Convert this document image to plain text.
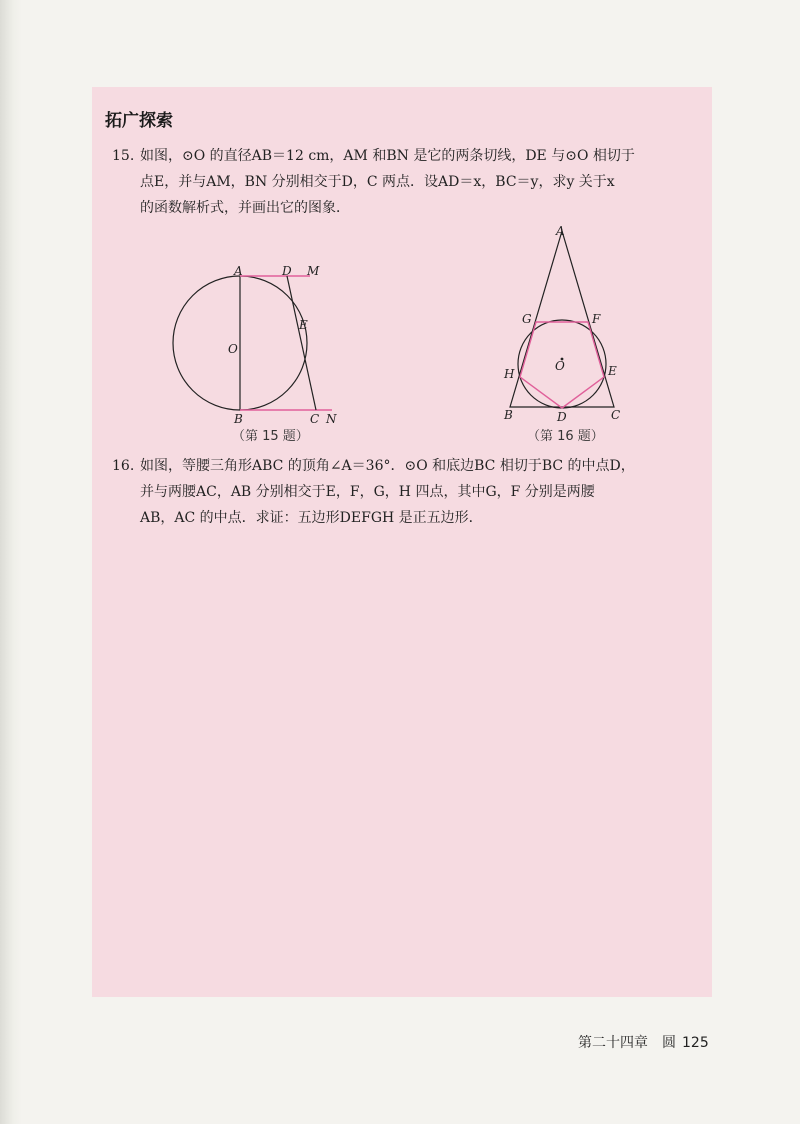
拓广探索
15. 如图，⊙O 的直径AB＝12 cm，AM 和BN 是它的两条切线，DE 与⊙O 相切于
点E，并与AM，BN 分别相交于D，C 两点．设AD＝x，BC＝y，求y 关于x
的函数解析式，并画出它的图象．
A	D M
E
O
B	C N
（第 15 题）
A
G	F
O
H	E
B	D	C
（第 16 题）
16. 如图，等腰三角形ABC 的顶角∠A＝36°．⊙O 和底边BC 相切于BC 的中点D，
并与两腰AC，AB 分别相交于E，F，G，H 四点，其中G，F 分别是两腰
AB，AC 的中点．求证：五边形DEFGH 是正五边形．
第二十四章　圆 125
